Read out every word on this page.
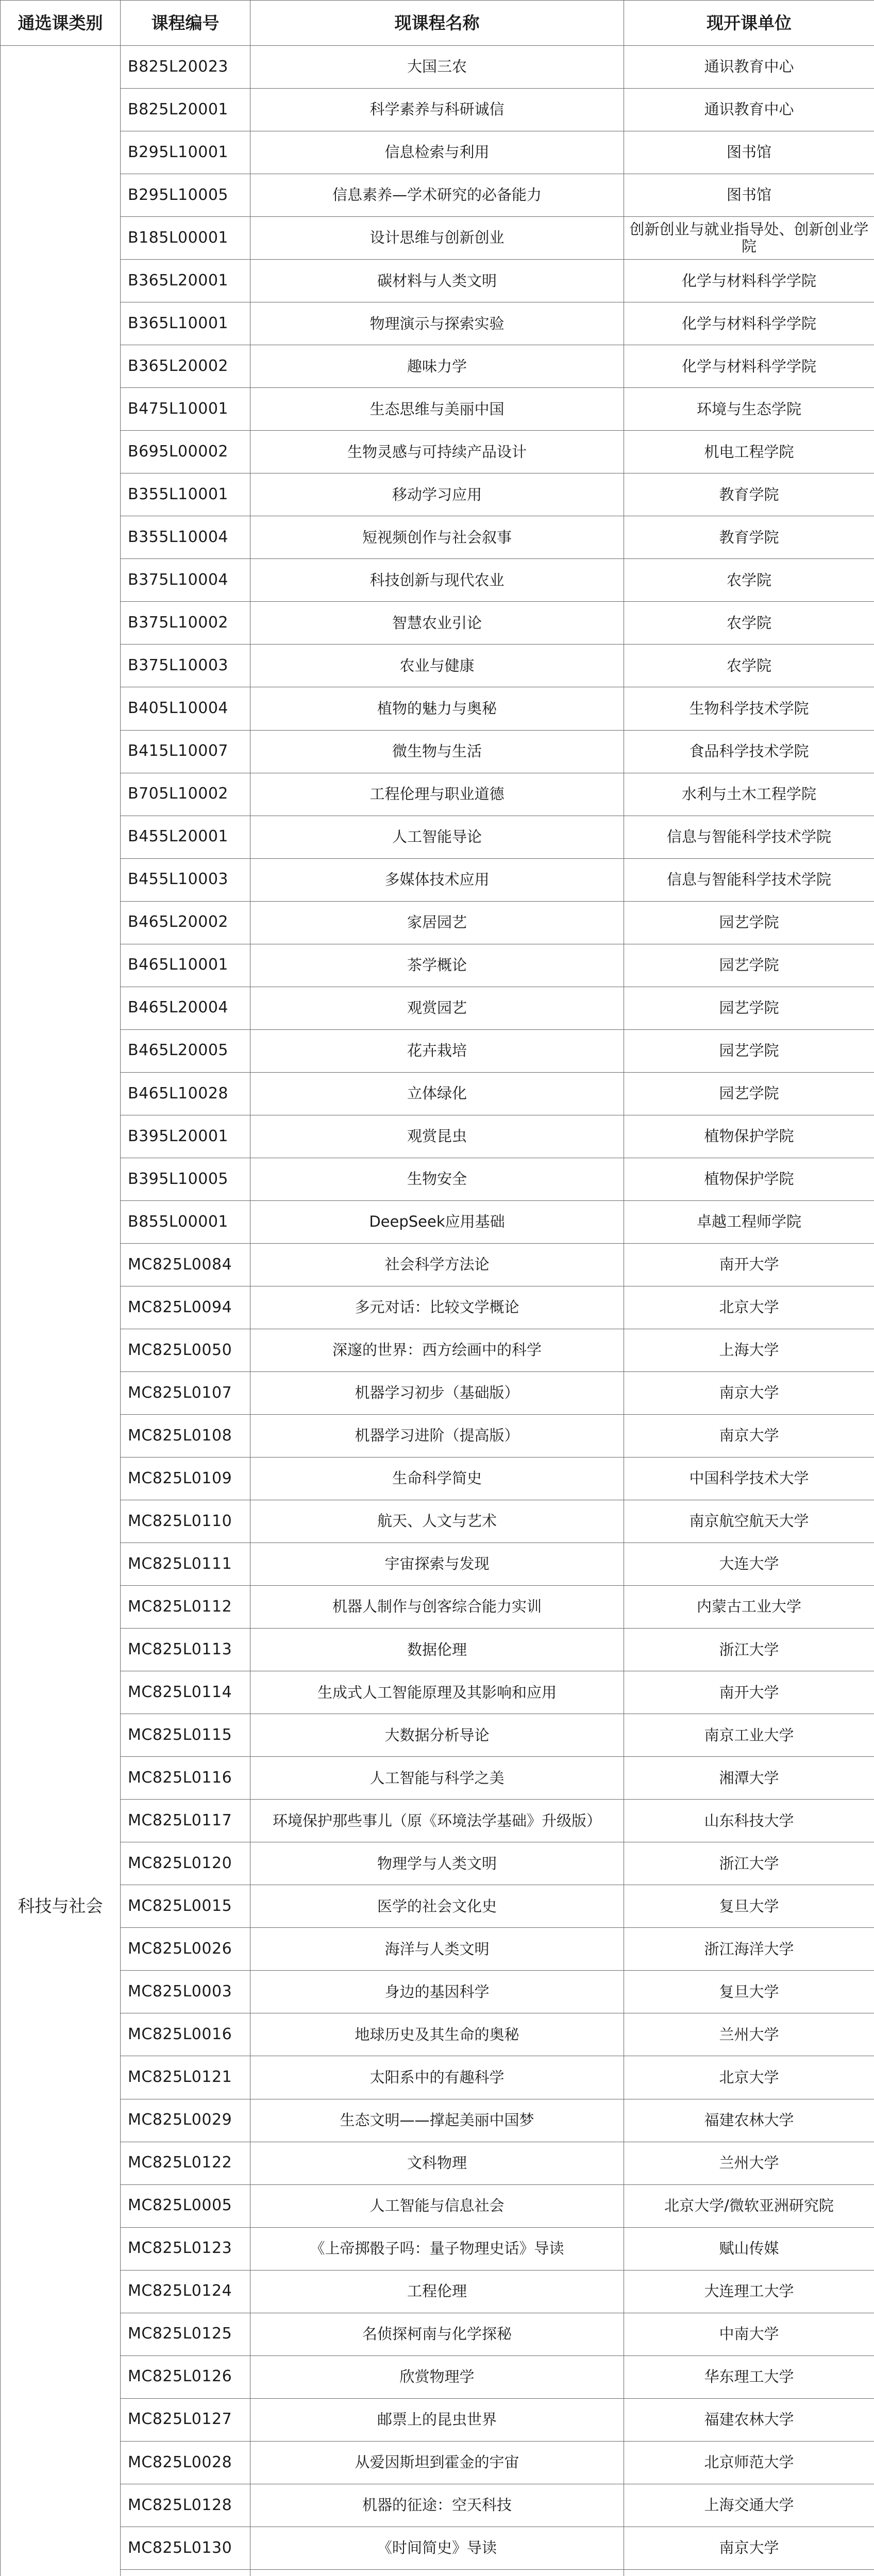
通选课类别	课程编号	现课程名称	现开课单位
科技与社会	B825L20023	大国三农	通识教育中心
	B825L20001	科学素养与科研诚信	通识教育中心
	B295L10001	信息检索与利用	图书馆
	B295L10005	信息素养—学术研究的必备能力	图书馆
	B185L00001	设计思维与创新创业	创新创业与就业指导处、创新创业学院
	B365L20001	碳材料与人类文明	化学与材料科学学院
	B365L10001	物理演示与探索实验	化学与材料科学学院
	B365L20002	趣味力学	化学与材料科学学院
	B475L10001	生态思维与美丽中国	环境与生态学院
	B695L00002	生物灵感与可持续产品设计	机电工程学院
	B355L10001	移动学习应用	教育学院
	B355L10004	短视频创作与社会叙事	教育学院
	B375L10004	科技创新与现代农业	农学院
	B375L10002	智慧农业引论	农学院
	B375L10003	农业与健康	农学院
	B405L10004	植物的魅力与奥秘	生物科学技术学院
	B415L10007	微生物与生活	食品科学技术学院
	B705L10002	工程伦理与职业道德	水利与土木工程学院
	B455L20001	人工智能导论	信息与智能科学技术学院
	B455L10003	多媒体技术应用	信息与智能科学技术学院
	B465L20002	家居园艺	园艺学院
	B465L10001	茶学概论	园艺学院
	B465L20004	观赏园艺	园艺学院
	B465L20005	花卉栽培	园艺学院
	B465L10028	立体绿化	园艺学院
	B395L20001	观赏昆虫	植物保护学院
	B395L10005	生物安全	植物保护学院
	B855L00001	DeepSeek应用基础	卓越工程师学院
	MC825L0084	社会科学方法论	南开大学
	MC825L0094	多元对话：比较文学概论	北京大学
	MC825L0050	深邃的世界：西方绘画中的科学	上海大学
	MC825L0107	机器学习初步（基础版）	南京大学
	MC825L0108	机器学习进阶（提高版）	南京大学
	MC825L0109	生命科学简史	中国科学技术大学
	MC825L0110	航天、人文与艺术	南京航空航天大学
	MC825L0111	宇宙探索与发现	大连大学
	MC825L0112	机器人制作与创客综合能力实训	内蒙古工业大学
	MC825L0113	数据伦理	浙江大学
	MC825L0114	生成式人工智能原理及其影响和应用	南开大学
	MC825L0115	大数据分析导论	南京工业大学
	MC825L0116	人工智能与科学之美	湘潭大学
	MC825L0117	环境保护那些事儿（原《环境法学基础》升级版）	山东科技大学
	MC825L0120	物理学与人类文明	浙江大学
	MC825L0015	医学的社会文化史	复旦大学
	MC825L0026	海洋与人类文明	浙江海洋大学
	MC825L0003	身边的基因科学	复旦大学
	MC825L0016	地球历史及其生命的奥秘	兰州大学
	MC825L0121	太阳系中的有趣科学	北京大学
	MC825L0029	生态文明——撑起美丽中国梦	福建农林大学
	MC825L0122	文科物理	兰州大学
	MC825L0005	人工智能与信息社会	北京大学/微软亚洲研究院
	MC825L0123	《上帝掷骰子吗：量子物理史话》导读	赋山传媒
	MC825L0124	工程伦理	大连理工大学
	MC825L0125	名侦探柯南与化学探秘	中南大学
	MC825L0126	欣赏物理学	华东理工大学
	MC825L0127	邮票上的昆虫世界	福建农林大学
	MC825L0028	从爱因斯坦到霍金的宇宙	北京师范大学
	MC825L0128	机器的征途：空天科技	上海交通大学
	MC825L0130	《时间简史》导读	南京大学
